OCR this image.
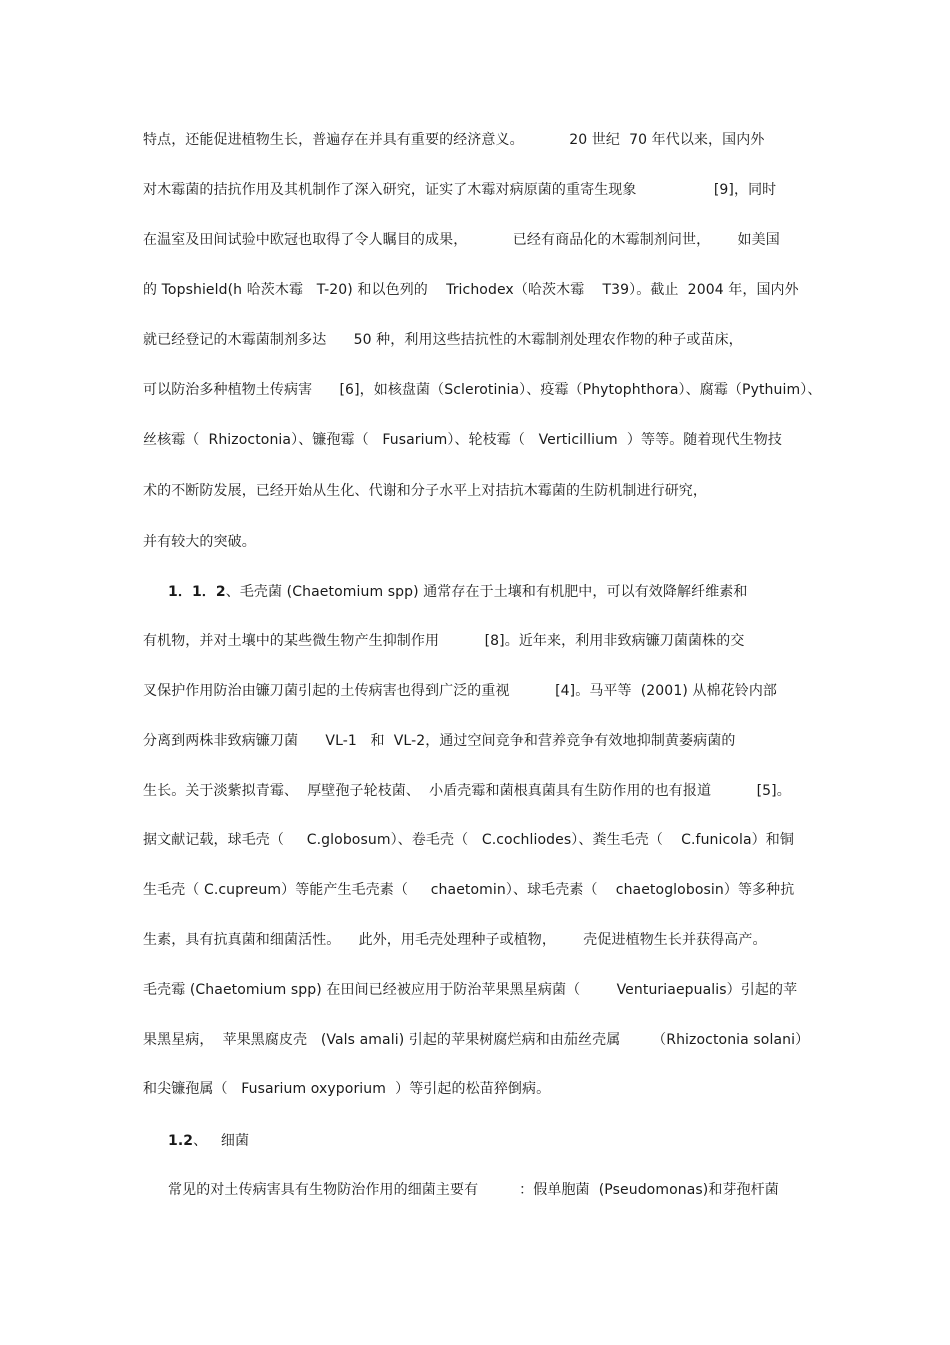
特点，还能促进植物生长，普遍存在并具有重要的经济意义。          20 世纪  70 年代以来，国内外
对木霉菌的拮抗作用及其机制作了深入研究，证实了木霉对病原菌的重寄生现象                 [9]，同时
在温室及田间试验中欧冠也取得了令人瞩目的成果，          已经有商品化的木霉制剂问世，      如美国
的 Topshield(h 哈茨木霉   T-20) 和以色列的    Trichodex（哈茨木霉    T39）。截止  2004 年，国内外
就已经登记的木霉菌制剂多达      50 种，利用这些拮抗性的木霉制剂处理农作物的种子或苗床，
可以防治多种植物土传病害      [6]，如核盘菌（Sclerotinia）、疫霉（Phytophthora）、腐霉（Pythuim）、
丝核霉（  Rhizoctonia）、镰孢霉（   Fusarium）、轮枝霉（   Verticillium  ）等等。随着现代生物技
术的不断防发展，已经开始从生化、代谢和分子水平上对拮抗木霉菌的生防机制进行研究，
并有较大的突破。
1．1．2、毛壳菌 (Chaetomium spp) 通常存在于土壤和有机肥中，可以有效降解纤维素和
有机物，并对土壤中的某些微生物产生抑制作用          [8]。近年来，利用非致病镰刀菌菌株的交
叉保护作用防治由镰刀菌引起的土传病害也得到广泛的重视          [4]。马平等  (2001) 从棉花铃内部
分离到两株非致病镰刀菌      VL-1   和  VL-2，通过空间竞争和营养竞争有效地抑制黄萎病菌的
生长。关于淡紫拟青霉、  厚壁孢子轮枝菌、  小盾壳霉和菌根真菌具有生防作用的也有报道          [5]。
据文献记载，球毛壳（     C.globosum）、卷毛壳（   C.cochliodes）、粪生毛壳（    C.funicola）和铜
生毛壳（ C.cupreum）等能产生毛壳素（     chaetomin）、球毛壳素（    chaetoglobosin）等多种抗
生素，具有抗真菌和细菌活性。    此外，用毛壳处理种子或植物，      壳促进植物生长并获得高产。
毛壳霉 (Chaetomium spp) 在田间已经被应用于防治苹果黑星病菌（        Venturiaepualis）引起的苹
果黑星病，  苹果黑腐皮壳   (Vals amali) 引起的苹果树腐烂病和由茄丝壳属       （Rhizoctonia solani）
和尖镰孢属（   Fusarium oxyporium  ）等引起的松苗猝倒病。
1.2、   细菌
常见的对土传病害具有生物防治作用的细菌主要有         ：假单胞菌  (Pseudomonas)和芽孢杆菌
